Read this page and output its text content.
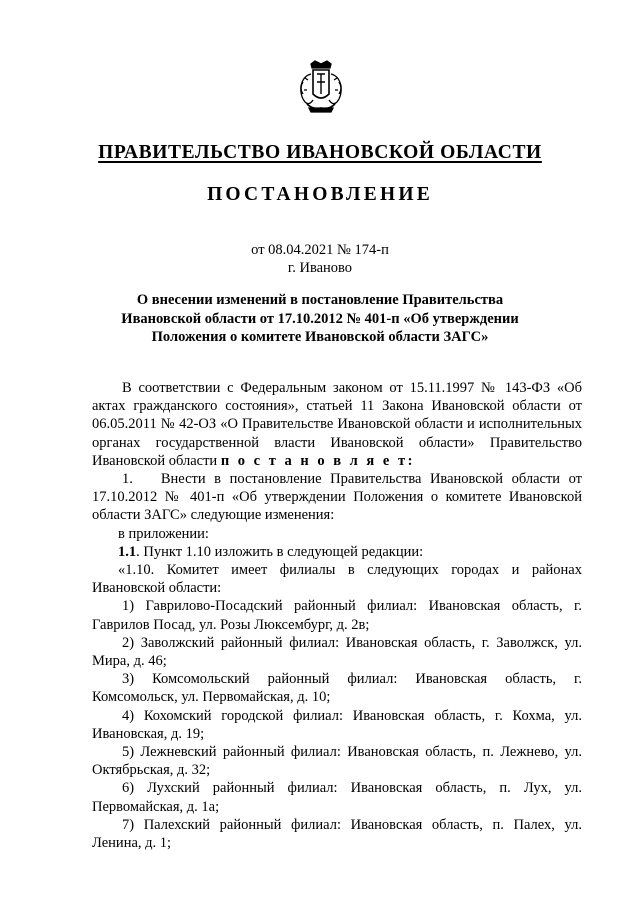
ПРАВИТЕЛЬСТВО ИВАНОВСКОЙ ОБЛАСТИ
ПОСТАНОВЛЕНИЕ
от 08.04.2021 № 174-п
г. Иваново
О внесении изменений в постановление Правительства
Ивановской области от 17.10.2012 № 401-п «Об утверждении
Положения о комитете Ивановской области ЗАГС»

В соответствии с Федеральным законом от 15.11.1997 № 143-ФЗ «Об актах гражданского состояния», статьей 11 Закона Ивановской области от 06.05.2011 № 42-ОЗ «О Правительстве Ивановской области и исполнительных органах государственной власти Ивановской области» Правительство Ивановской области п о с т а н о в л я е т:

1. Внести в постановление Правительства Ивановской области от 17.10.2012 № 401-п «Об утверждении Положения о комитете Ивановской области ЗАГС» следующие изменения:

в приложении:

1.1. Пункт 1.10 изложить в следующей редакции:

«1.10. Комитет имеет филиалы в следующих городах и районах Ивановской области:

1) Гаврилово-Посадский районный филиал: Ивановская область, г. Гаврилов Посад, ул. Розы Люксембург, д. 2в;

2) Заволжский районный филиал: Ивановская область, г. Заволжск, ул. Мира, д. 46;

3) Комсомольский районный филиал: Ивановская область, г. Комсомольск, ул. Первомайская, д. 10;

4) Кохомский городской филиал: Ивановская область, г. Кохма, ул. Ивановская, д. 19;

5) Лежневский районный филиал: Ивановская область, п. Лежнево, ул. Октябрьская, д. 32;

6) Лухский районный филиал: Ивановская область, п. Лух, ул. Первомайская, д. 1а;

7) Палехский районный филиал: Ивановская область, п. Палех, ул. Ленина, д. 1;
